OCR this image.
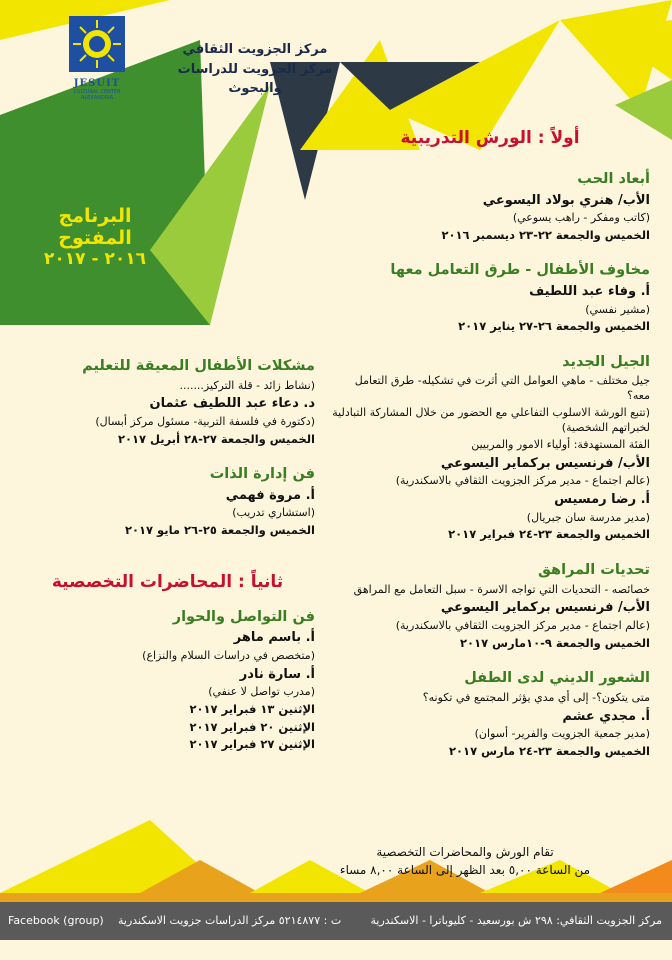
JESUIT
CULTURAL CENTER ALEXANDRIA
مركز الجزويت الثقافي
مركز الجزويت للدراسات والبحوث
البرنامج المفتوح
٢٠١٦ - ٢٠١٧
أولاً : الورش التدريبية
أبعاد الحب
الأب/ هنري بولاد اليسوعي
(كاتب ومفكر - راهب يسوعي)
الخميس والجمعة ٢٢-٢٣ ديسمبر ٢٠١٦
مخاوف الأطفال - طرق التعامل معها
أ. وفاء عبد اللطيف
(مشير نفسي)
الخميس والجمعة ٢٦-٢٧ يناير ٢٠١٧
الجيل الجديد
جيل مختلف - ماهي العوامل التي أثرت في تشكيله- طرق التعامل معه؟
(تتبع الورشة الاسلوب التفاعلي مع الحضور من خلال المشاركة التبادلية لخبراتهم الشخصية)
الفئة المستهدفة: أولياء الامور والمربيين
الأب/ فرنسيس بركماير اليسوعي
(عالم اجتماع - مدير مركز الجزويت الثقافي بالاسكندرية)
أ. رضا رمسيس
(مدير مدرسة سان جبريال)
الخميس والجمعة ٢٣-٢٤ فبراير ٢٠١٧
تحديات المراهق
خصائصه - التحديات التي تواجه الاسرة - سبل التعامل مع المراهق
الأب/ فرنسيس بركماير اليسوعي
(عالم اجتماع - مدير مركز الجزويت الثقافي بالاسكندرية)
الخميس والجمعة ٩-١٠مارس ٢٠١٧
الشعور الديني لدى الطفل
متى يتكون؟- إلى أي مدي يؤثر المجتمع في تكونه؟
أ. مجدي عشم
(مدير جمعية الجزويت والفرير- أسوان)
الخميس والجمعة ٢٣-٢٤ مارس ٢٠١٧
مشكلات الأطفال المعيقة للتعليم
(نشاط زائد - قلة التركيز.......
د. دعاء عبد اللطيف عثمان
(دكتورة في فلسفة التربية- مسئول مركز أبسال)
الخميس والجمعة ٢٧-٢٨ أبريل ٢٠١٧
فن إدارة الذات
أ. مروة فهمي
(استشاري تدريب)
الخميس والجمعة ٢٥-٢٦ مايو ٢٠١٧
ثانياً : المحاضرات التخصصية
فن التواصل والحوار
أ. باسم ماهر
(متخصص في دراسات السلام والنزاع)
أ. سارة نادر
(مدرب تواصل لا عنفي)
الإثنين ١٣ فبراير ٢٠١٧
الإثنين ٢٠ فبراير ٢٠١٧
الإثنين ٢٧ فبراير ٢٠١٧
تقام الورش والمحاضرات التخصصية
من الساعة ٥,٠٠ بعد الظهر إلى الساعة ٨,٠٠ مساء
مركز الجزويت الثقافي: ٢٩٨ ش بورسعيد - كليوباترا - الاسكندرية
ت : ٥٢١٤٨٧٧ مركز الدراسات جزويت الاسكندرية
Facebook (group)
